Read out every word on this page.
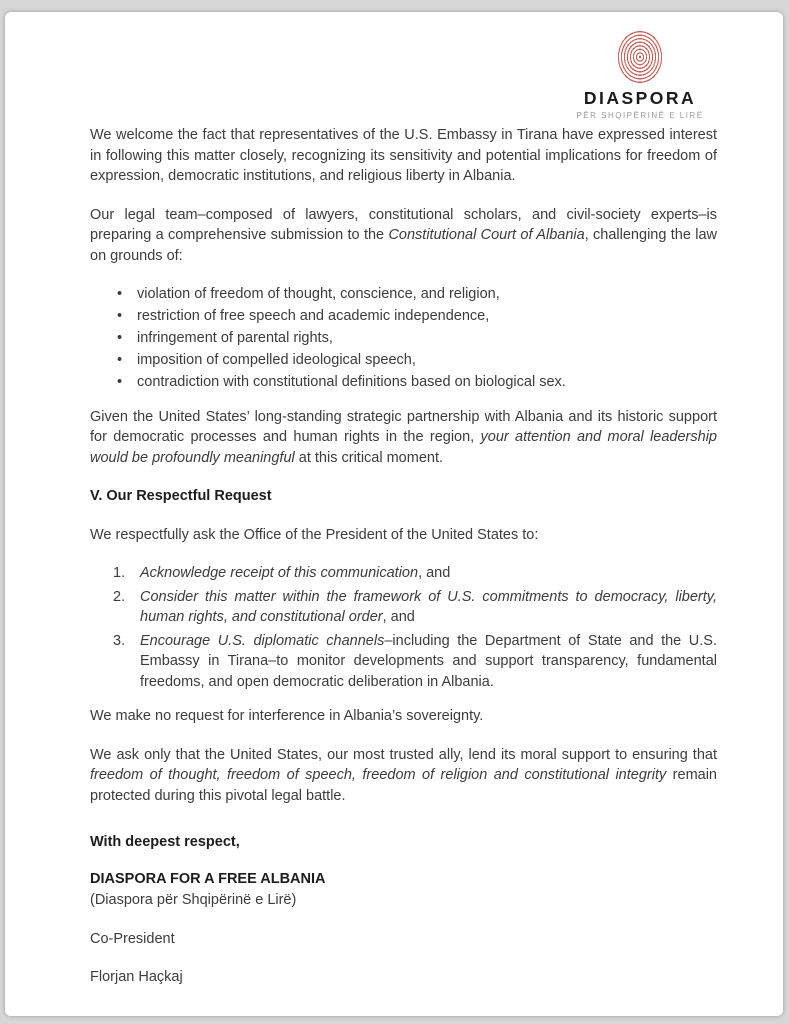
DIASPORA
PËR SHQIPËRINË E LIRË

We welcome the fact that representatives of the U.S. Embassy in Tirana have expressed interest in following this matter closely, recognizing its sensitivity and potential implications for freedom of expression, democratic institutions, and religious liberty in Albania.

Our legal team–composed of lawyers, constitutional scholars, and civil-society experts–is preparing a comprehensive submission to the Constitutional Court of Albania, challenging the law on grounds of:

• violation of freedom of thought, conscience, and religion,
• restriction of free speech and academic independence,
• infringement of parental rights,
• imposition of compelled ideological speech,
• contradiction with constitutional definitions based on biological sex.

Given the United States’ long-standing strategic partnership with Albania and its historic support for democratic processes and human rights in the region, your attention and moral leadership would be profoundly meaningful at this critical moment.

V. Our Respectful Request

We respectfully ask the Office of the President of the United States to:

1. Acknowledge receipt of this communication, and
2. Consider this matter within the framework of U.S. commitments to democracy, liberty, human rights, and constitutional order, and
3. Encourage U.S. diplomatic channels–including the Department of State and the U.S. Embassy in Tirana–to monitor developments and support transparency, fundamental freedoms, and open democratic deliberation in Albania.

We make no request for interference in Albania’s sovereignty.

We ask only that the United States, our most trusted ally, lend its moral support to ensuring that freedom of thought, freedom of speech, freedom of religion and constitutional integrity remain protected during this pivotal legal battle.

With deepest respect,

DIASPORA FOR A FREE ALBANIA

(Diaspora për Shqipërinë e Lirë)

Co-President

Florjan Haçkaj
